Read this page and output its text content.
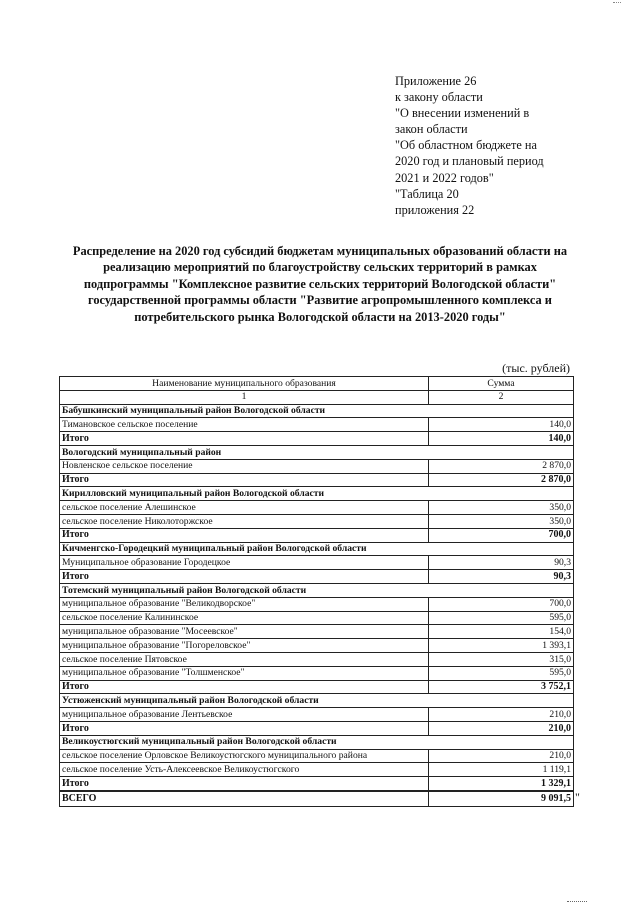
Приложение 26
к закону области
"О внесении изменений в
закон области
"Об областном бюджете на
2020 год и плановый период
2021 и 2022 годов"
"Таблица 20
приложения 22
Распределение на 2020 год субсидий бюджетам муниципальных образований области на реализацию мероприятий по благоустройству сельских территорий в рамках подпрограммы "Комплексное развитие сельских территорий Вологодской области" государственной программы области "Развитие агропромышленного комплекса и потребительского рынка Вологодской области на 2013-2020 годы"
(тыс. рублей)
Наименование муниципального образования	Сумма
1	2
Бабушкинский муниципальный район Вологодской области	
Тимановское сельское поселение	140,0
Итого	140,0
Вологодский муниципальный район	
Новленское сельское поселение	2 870,0
Итого	2 870,0
Кирилловский муниципальный район Вологодской области	
сельское поселение Алешинское	350,0
сельское поселение Николоторжское	350,0
Итого	700,0
Кичменгско-Городецкий муниципальный район Вологодской области	
Муниципальное образование Городецкое	90,3
Итого	90,3
Тотемский муниципальный район Вологодской области	
муниципальное образование "Великодворское"	700,0
сельское поселение Калининское	595,0
муниципальное образование "Мосеевское"	154,0
муниципальное образование "Погореловское"	1 393,1
сельское поселение Пятовское	315,0
муниципальное образование "Толшменское"	595,0
Итого	3 752,1
Устюженский муниципальный район Вологодской области	
муниципальное образование Лентьевское	210,0
Итого	210,0
Великоустюгский муниципальный район Вологодской области	
сельское поселение Орловское Великоустюгского муниципального района	210,0
сельское поселение Усть-Алексеевское Великоустюгского	1 119,1
Итого	1 329,1
ВСЕГО	9 091,5 "
